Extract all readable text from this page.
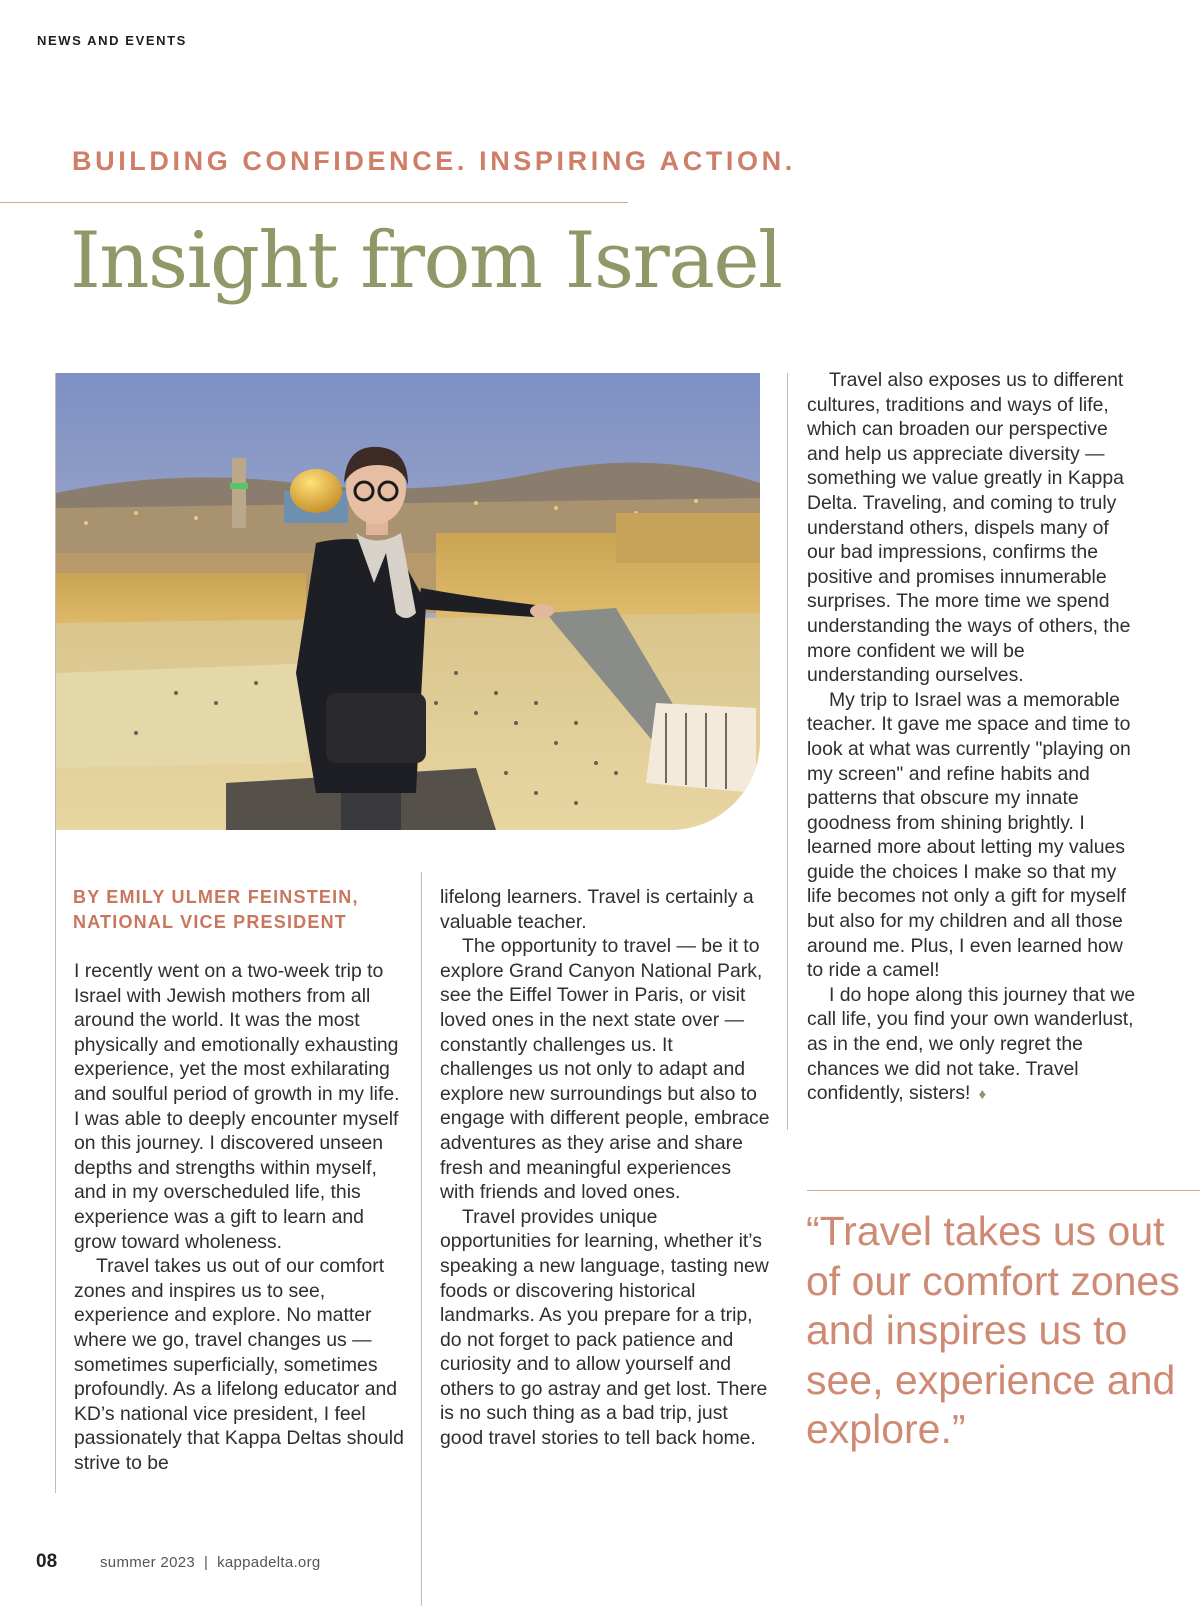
NEWS AND EVENTS
BUILDING CONFIDENCE. INSPIRING ACTION.
Insight from Israel
BY EMILY ULMER FEINSTEIN,
NATIONAL VICE PRESIDENT

I recently went on a two-week trip to Israel with Jewish mothers from all around the world. It was the most physically and emotionally exhausting experience, yet the most exhilarating and soulful period of growth in my life. I was able to deeply encounter myself on this journey. I discovered unseen depths and strengths within myself, and in my overscheduled life, this experience was a gift to learn and grow toward wholeness.

Travel takes us out of our comfort zones and inspires us to see, experience and explore. No matter where we go, travel changes us — sometimes superficially, sometimes profoundly. As a lifelong educator and KD’s national vice president, I feel passionately that Kappa Deltas should strive to be

lifelong learners. Travel is certainly a valuable teacher.

The opportunity to travel — be it to explore Grand Canyon National Park, see the Eiffel Tower in Paris, or visit loved ones in the next state over — constantly challenges us. It challenges us not only to adapt and explore new surroundings but also to engage with different people, embrace adventures as they arise and share fresh and meaningful experiences with friends and loved ones.

Travel provides unique opportunities for learning, whether it’s speaking a new language, tasting new foods or discovering historical landmarks. As you prepare for a trip, do not forget to pack patience and curiosity and to allow yourself and others to go astray and get lost. There is no such thing as a bad trip, just good travel stories to tell back home.

Travel also exposes us to different cultures, traditions and ways of life, which can broaden our perspective and help us appreciate diversity — something we value greatly in Kappa Delta. Traveling, and coming to truly understand others, dispels many of our bad impressions, confirms the positive and promises innumerable surprises. The more time we spend understanding the ways of others, the more confident we will be understanding ourselves.

My trip to Israel was a memorable teacher. It gave me space and time to look at what was currently "playing on my screen" and refine habits and patterns that obscure my innate goodness from shining brightly. I learned more about letting my values guide the choices I make so that my life becomes not only a gift for myself but also for my children and all those around me. Plus, I even learned how to ride a camel!

I do hope along this journey that we call life, you find your own wanderlust, as in the end, we only regret the chances we did not take. Travel confidently, sisters! ♦

“Travel takes us out of our comfort zones and inspires us to see, experience and explore.”
08	summer 2023  |  kappadelta.org
